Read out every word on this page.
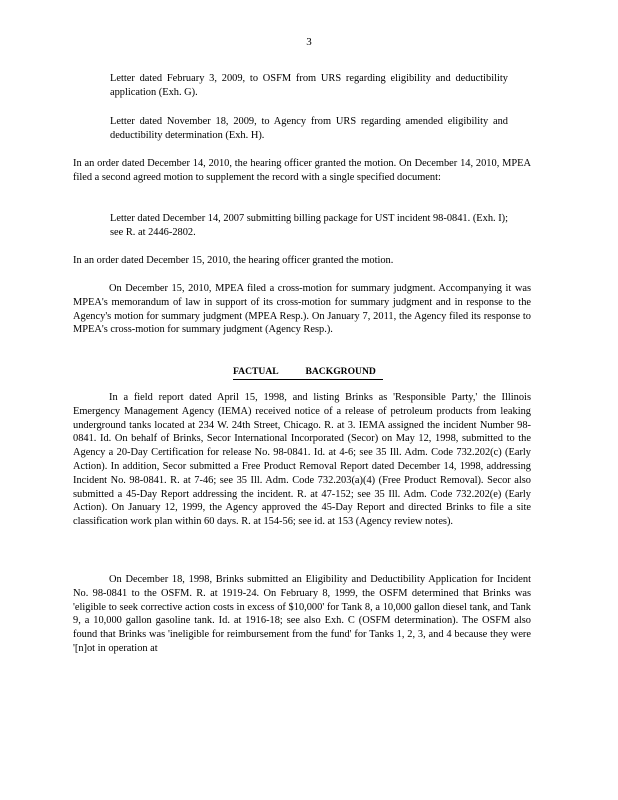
3

Letter dated February 3, 2009, to OSFM from URS regarding eligibility and deductibility application (Exh. G).

Letter dated November 18, 2009, to Agency from URS regarding amended eligibility and deductibility determination (Exh. H).

In an order dated December 14, 2010, the hearing officer granted the motion. On December 14, 2010, MPEA filed a second agreed motion to supplement the record with a single specified document:

Letter dated December 14, 2007 submitting billing package for UST incident 98-0841. (Exh. I); see R. at 2446-2802.

In an order dated December 15, 2010, the hearing officer granted the motion.

On December 15, 2010, MPEA filed a cross-motion for summary judgment. Accompanying it was MPEA's memorandum of law in support of its cross-motion for summary judgment and in response to the Agency's motion for summary judgment (MPEA Resp.). On January 7, 2011, the Agency filed its response to MPEA's cross-motion for summary judgment (Agency Resp.).

FACTUAL	BACKGROUND

In a field report dated April 15, 1998, and listing Brinks as 'Responsible Party,' the Illinois Emergency Management Agency (IEMA) received notice of a release of petroleum products from leaking underground tanks located at 234 W. 24th Street, Chicago. R. at 3. IEMA assigned the incident Number 98-0841. Id. On behalf of Brinks, Secor International Incorporated (Secor) on May 12, 1998, submitted to the Agency a 20-Day Certification for release No. 98-0841. Id. at 4-6; see 35 Ill. Adm. Code 732.202(c) (Early Action). In addition, Secor submitted a Free Product Removal Report dated December 14, 1998, addressing Incident No. 98-0841. R. at 7-46; see 35 Ill. Adm. Code 732.203(a)(4) (Free Product Removal). Secor also submitted a 45-Day Report addressing the incident. R. at 47-152; see 35 Ill. Adm. Code 732.202(e) (Early Action). On January 12, 1999, the Agency approved the 45-Day Report and directed Brinks to file a site classification work plan within 60 days. R. at 154-56; see id. at 153 (Agency review notes).

On December 18, 1998, Brinks submitted an Eligibility and Deductibility Application for Incident No. 98-0841 to the OSFM. R. at 1919-24. On February 8, 1999, the OSFM determined that Brinks was 'eligible to seek corrective action costs in excess of $10,000' for Tank 8, a 10,000 gallon diesel tank, and Tank 9, a 10,000 gallon gasoline tank. Id. at 1916-18; see also Exh. C (OSFM determination). The OSFM also found that Brinks was 'ineligible for reimbursement from the fund' for Tanks 1, 2, 3, and 4 because they were '[n]ot in operation at
